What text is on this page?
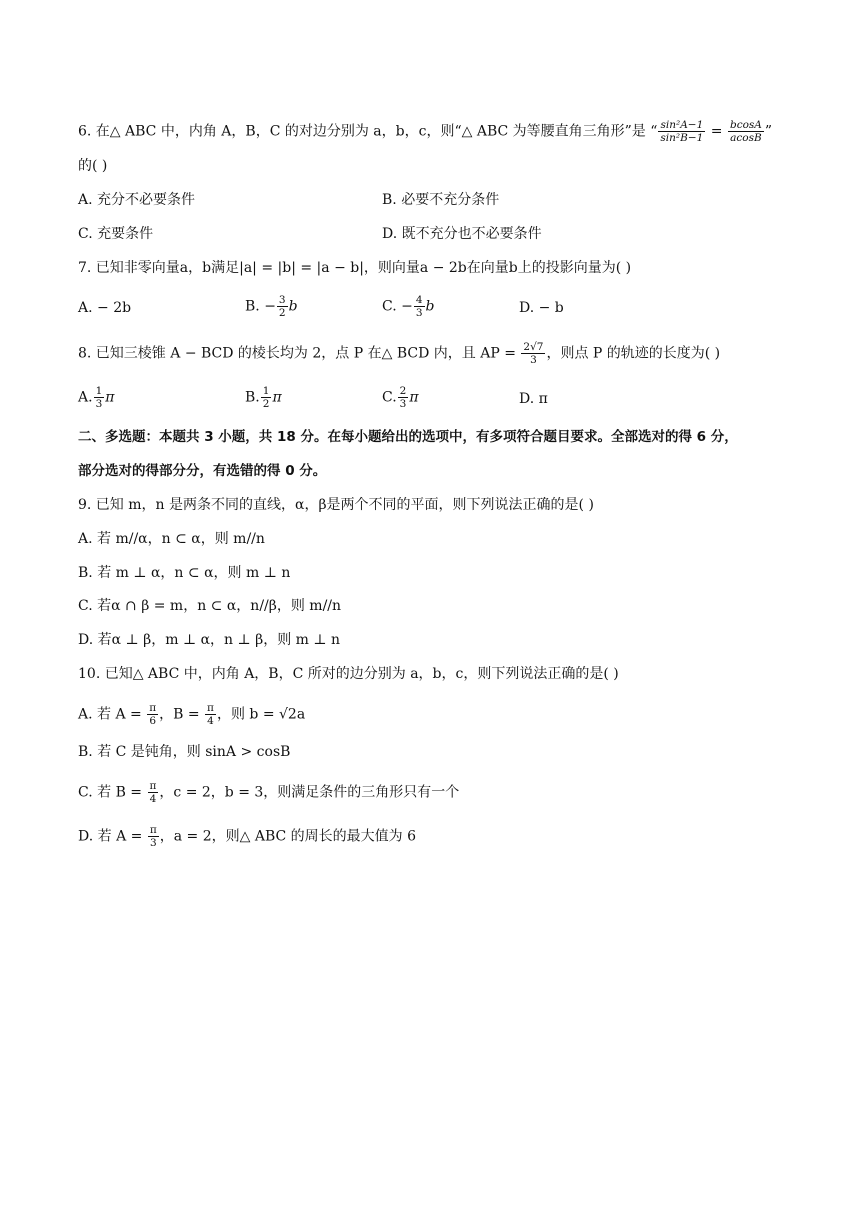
6. 在△ ABC 中，内角 A，B，C 的对边分别为 a，b，c，则“△ ABC 为等腰直角三角形”是 “ $\frac{\text{sin²A−1}}{\text{sin²B−1}} = \frac{bcosA}{acosB}$ ”
的( )
A. 充分不必要条件	B. 必要不充分条件
C. 充要条件	D. 既不充分也不必要条件
7. 已知非零向量a，b满足|a| = |b| = |a − b|，则向量a − 2b在向量b上的投影向量为( )
A. − 2b	B. − $\frac{3}{2}$ b	C. − $\frac{4}{3}$ b	D. − b
8. 已知三棱锥 A − BCD 的棱长均为 2，点 P 在△ BCD 内，且 AP = $\frac{2√7}{3}$ ，则点 P 的轨迹的长度为( )
A. $\frac{1}{3}$ π	B. $\frac{1}{2}$ π	C. $\frac{2}{3}$ π	D. π
二、多选题：本题共 3 小题，共 18 分。在每小题给出的选项中，有多项符合题目要求。全部选对的得 6 分，
部分选对的得部分分，有选错的得 0 分。
9. 已知 m，n 是两条不同的直线，α，β是两个不同的平面，则下列说法正确的是( )
A. 若 m//α，n ⊂ α，则 m//n
B. 若 m ⊥ α，n ⊂ α，则 m ⊥ n
C. 若α ∩ β = m，n ⊂ α，n//β，则 m//n
D. 若α ⊥ β，m ⊥ α，n ⊥ β，则 m ⊥ n
10. 已知△ ABC 中，内角 A，B，C 所对的边分别为 a，b，c，则下列说法正确的是( )
A. 若 $A = \frac{\pi}{6}$ ，$B = \frac{\pi}{4}$ ，则 b = √2a
B. 若 C 是钝角，则 sinA > cosB
C. 若 $B = \frac{\pi}{4}$ ，c = 2，b = 3，则满足条件的三角形只有一个
D. 若 $A = \frac{\pi}{3}$ ，a = 2，则△ ABC 的周长的最大值为 6
